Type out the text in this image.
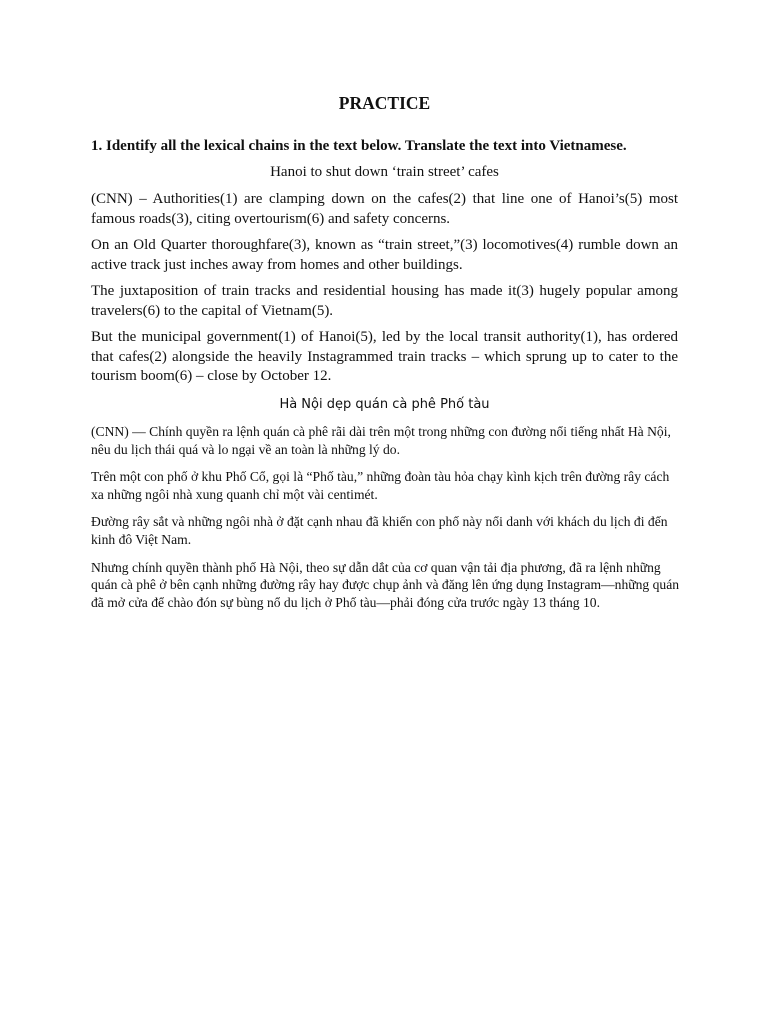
PRACTICE

1. Identify all the lexical chains in the text below. Translate the text into Vietnamese.

Hanoi to shut down ‘train street’ cafes

(CNN) – Authorities(1) are clamping down on the cafes(2) that line one of Hanoi’s(5) most famous roads(3), citing overtourism(6) and safety concerns.

On an Old Quarter thoroughfare(3), known as “train street,”(3) locomotives(4) rumble down an active track just inches away from homes and other buildings.

The juxtaposition of train tracks and residential housing has made it(3) hugely popular among travelers(6) to the capital of Vietnam(5).

But the municipal government(1) of Hanoi(5), led by the local transit authority(1), has ordered that cafes(2) alongside the heavily Instagrammed train tracks – which sprung up to cater to the tourism boom(6) – close by October 12.

Hà Nội dẹp quán cà phê Phố tàu

(CNN) — Chính quyền ra lệnh quán cà phê rãi dài trên một trong những con đường nổi tiếng nhất Hà Nội, nêu du lịch thái quá và lo ngại về an toàn là những lý do.

Trên một con phố ở khu Phố Cổ, gọi là “Phố tàu,” những đoàn tàu hỏa chạy kình kịch trên đường rây cách xa những ngôi nhà xung quanh chỉ một vài centimét.

Đường rây sắt và những ngôi nhà ở đặt cạnh nhau đã khiến con phố này nổi danh với khách du lịch đi đến kinh đô Việt Nam.

Nhưng chính quyền thành phố Hà Nội, theo sự dẫn dắt của cơ quan vận tải địa phương, đã ra lệnh những quán cà phê ở bên cạnh những đường rây hay được chụp ảnh và đăng lên ứng dụng Instagram—những quán đã mở cửa để chào đón sự bùng nổ du lịch ở Phố tàu—phải đóng cửa trước ngày 13 tháng 10.
